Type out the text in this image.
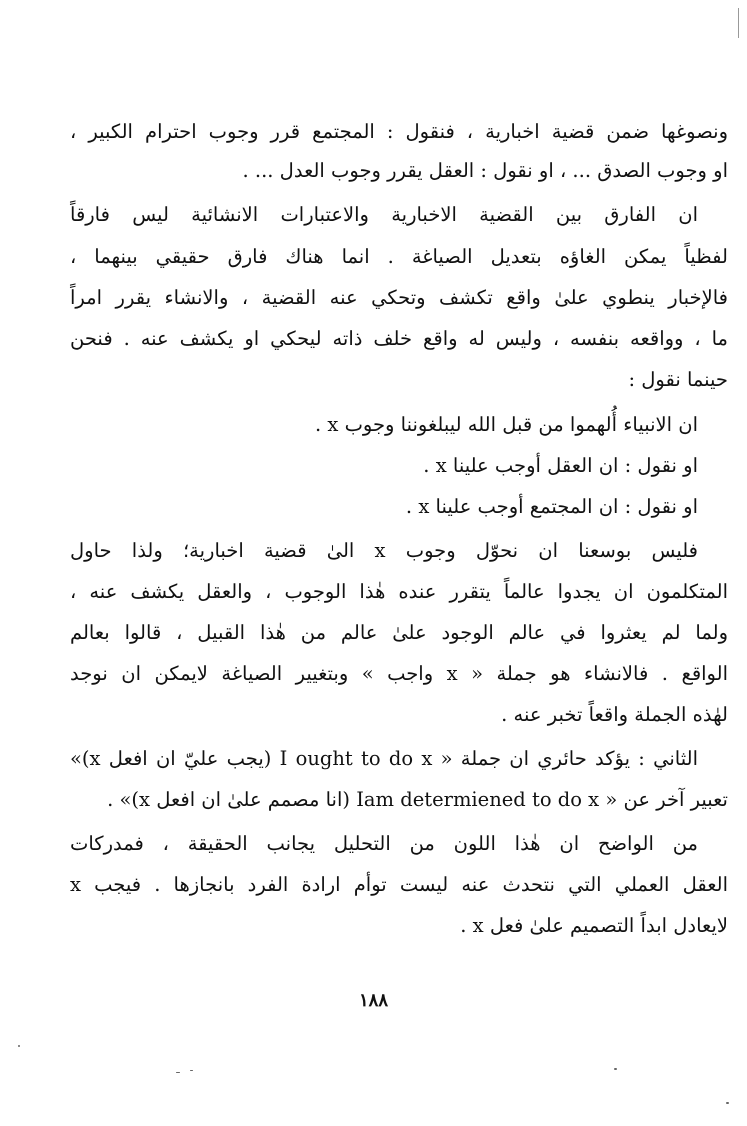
ونصوغها ضمن قضية اخبارية ، فنقول : المجتمع قرر وجوب احترام الكبير ،
او وجوب الصدق ... ، او نقول : العقل يقرر وجوب العدل ... .
ان الفارق بين القضية الاخبارية والاعتبارات الانشائية ليس فارقاً
لفظياً يمكن الغاؤه بتعديل الصياغة . انما هناك فارق حقيقي بينهما ،
فالإخبار ينطوي علىٰ واقع تكشف وتحكي عنه القضية ، والانشاء يقرر امراً
ما ، وواقعه بنفسه ، وليس له واقع خلف ذاته ليحكي او يكشف عنه . فنحن
حينما نقول :
ان الانبياء أُلهموا من قبل الله ليبلغوننا وجوب x .
او نقول : ان العقل أوجب علينا x .
او نقول : ان المجتمع أوجب علينا x .
فليس بوسعنا ان نحوّل وجوب x الىٰ قضية اخبارية؛ ولذا حاول
المتكلمون ان يجدوا عالماً يتقرر عنده هٰذا الوجوب ، والعقل يكشف عنه ،
ولما لم يعثروا في عالم الوجود علىٰ عالم من هٰذا القبيل ، قالوا بعالم
الواقع . فالانشاء هو جملة « x واجب » وبتغيير الصياغة لايمكن ان نوجد
لهٰذه الجملة واقعاً تخبر عنه .
الثاني : يؤكد حائري ان جملة « I ought to do x (يجب عليّ ان افعل x)»
تعبير آخر عن « Iam determiened to do x (انا مصمم علىٰ ان افعل x)» .
من الواضح ان هٰذا اللون من التحليل يجانب الحقيقة ، فمدركات
العقل العملي التي نتحدث عنه ليست توأم ارادة الفرد بانجازها . فيجب x
لايعادل ابداً التصميم علىٰ فعل x .
١٨٨
